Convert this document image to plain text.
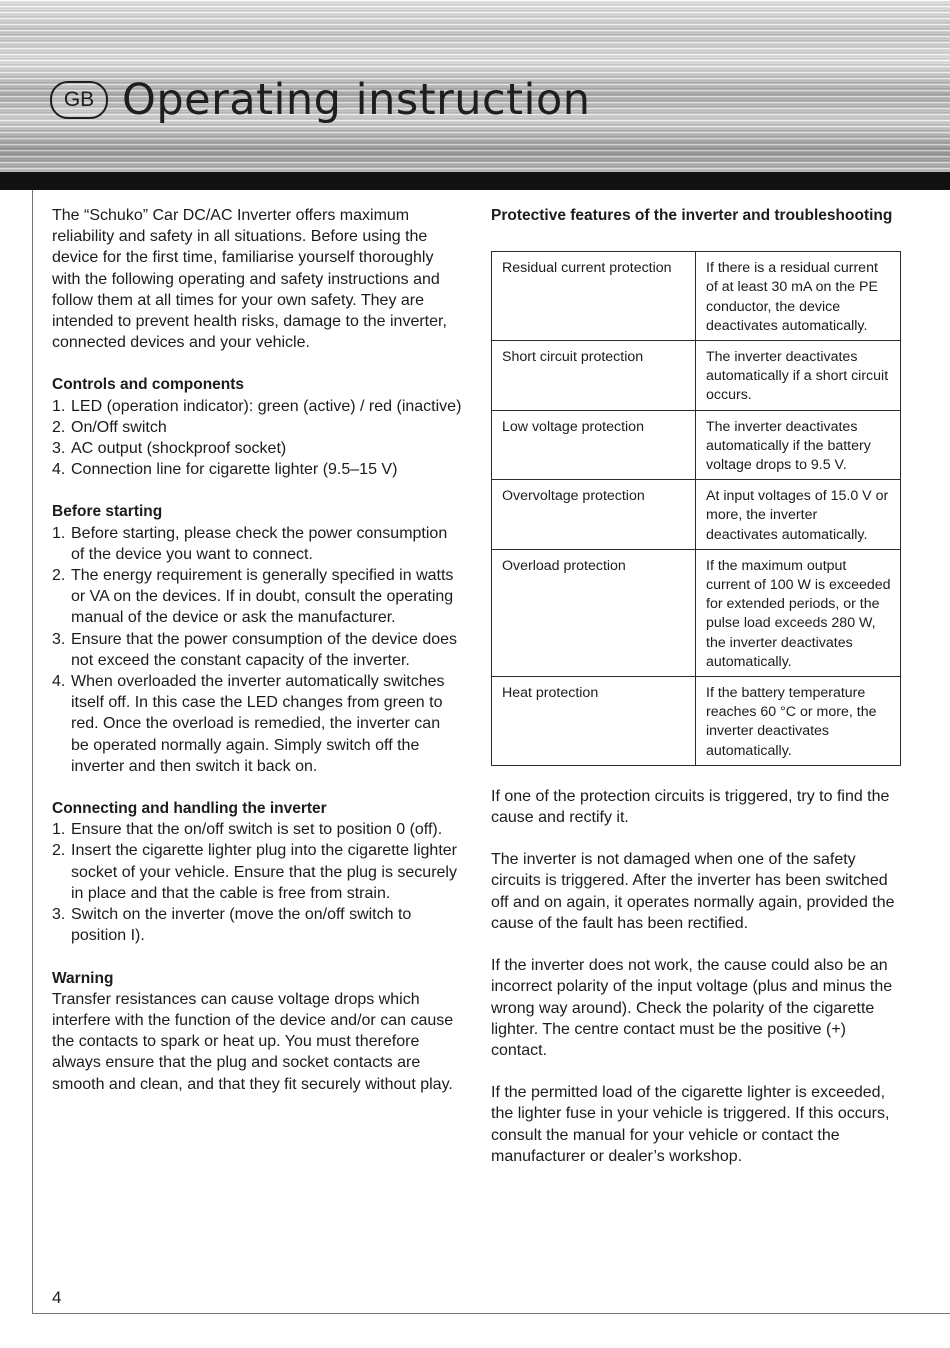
GB Operating instruction

The “Schuko” Car DC/AC Inverter offers maximum reliability and safety in all situations. Before using the device for the first time, familiarise yourself thoroughly with the following operating and safety instructions and follow them at all times for your own safety. They are intended to prevent health risks, damage to the inverter, connected devices and your vehicle.

Controls and components

1. LED (operation indicator): green (active) / red (inactive)
2. On/Off switch
3. AC output (shockproof socket)
4. Connection line for cigarette lighter (9.5–15 V)

Before starting

1. Before starting, please check the power consumption of the device you want to connect.
2. The energy requirement is generally specified in watts or VA on the devices. If in doubt, consult the operating manual of the device or ask the manufacturer.
3. Ensure that the power consumption of the device does not exceed the constant capacity of the inverter.
4. When overloaded the inverter automatically switches itself off. In this case the LED changes from green to red. Once the overload is remedied, the inverter can be operated normally again. Simply switch off the inverter and then switch it back on.

Connecting and handling the inverter

1. Ensure that the on/off switch is set to position 0 (off).
2. Insert the cigarette lighter plug into the cigarette lighter socket of your vehicle. Ensure that the plug is securely in place and that the cable is free from strain.
3. Switch on the inverter (move the on/off switch to position I).

Warning

Transfer resistances can cause voltage drops which interfere with the function of the device and/or can cause the contacts to spark or heat up. You must therefore always ensure that the plug and socket contacts are smooth and clean, and that they fit securely without play.

Protective features of the inverter and troubleshooting

Residual current protection	If there is a residual current of at least 30 mA on the PE conductor, the device deactivates automatically.
Short circuit protection	The inverter deactivates automatically if a short circuit occurs.
Low voltage protection	The inverter deactivates automatically if the battery voltage drops to 9.5 V.
Overvoltage protection	At input voltages of 15.0 V or more, the inverter deactivates automatically.
Overload protection	If the maximum output current of 100 W is exceeded for extended periods, or the pulse load exceeds 280 W, the inverter deactivates automatically.
Heat protection	If the battery temperature reaches 60 °C or more, the inverter deactivates automatically.

If one of the protection circuits is triggered, try to find the cause and rectify it.

The inverter is not damaged when one of the safety circuits is triggered. After the inverter has been switched off and on again, it operates normally again, provided the cause of the fault has been rectified.

If the inverter does not work, the cause could also be an incorrect polarity of the input voltage (plus and minus the wrong way around). Check the polarity of the cigarette lighter. The centre contact must be the positive (+) contact.

If the permitted load of the cigarette lighter is exceeded, the lighter fuse in your vehicle is triggered. If this occurs, consult the manual for your vehicle or contact the manufacturer or dealer’s workshop.

4
